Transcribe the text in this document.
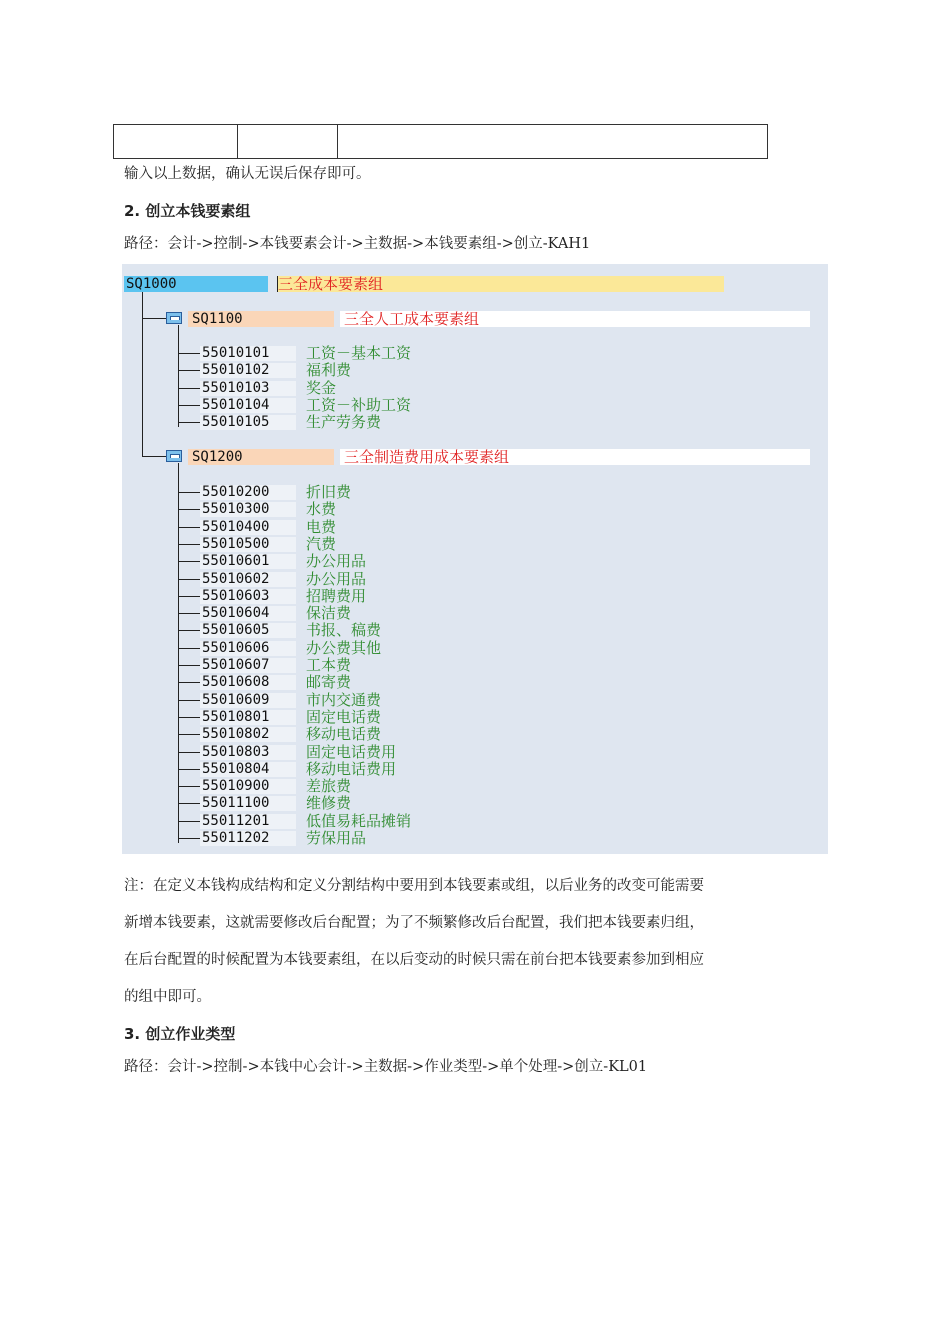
输入以上数据，确认无误后保存即可。
2. 创立本钱要素组
路径：会计->控制->本钱要素会计->主数据->本钱要素组->创立-KAH1
SQ1000	三全成本要素组
SQ1100	三全人工成本要素组
55010101	工资－基本工资
55010102	福利费
55010103	奖金
55010104	工资－补助工资
55010105	生产劳务费
SQ1200	三全制造费用成本要素组
55010200	折旧费
55010300	水费
55010400	电费
55010500	汽费
55010601	办公用品
55010602	办公用品
55010603	招聘费用
55010604	保洁费
55010605	书报、稿费
55010606	办公费其他
55010607	工本费
55010608	邮寄费
55010609	市内交通费
55010801	固定电话费
55010802	移动电话费
55010803	固定电话费用
55010804	移动电话费用
55010900	差旅费
55011100	维修费
55011201	低值易耗品摊销
55011202	劳保用品

注：在定义本钱构成结构和定义分割结构中要用到本钱要素或组，以后业务的改变可能需要

新增本钱要素，这就需要修改后台配置；为了不频繁修改后台配置，我们把本钱要素归组，

在后台配置的时候配置为本钱要素组，在以后变动的时候只需在前台把本钱要素参加到相应

的组中即可。

3. 创立作业类型
路径：会计->控制->本钱中心会计->主数据->作业类型->单个处理->创立-KL01
